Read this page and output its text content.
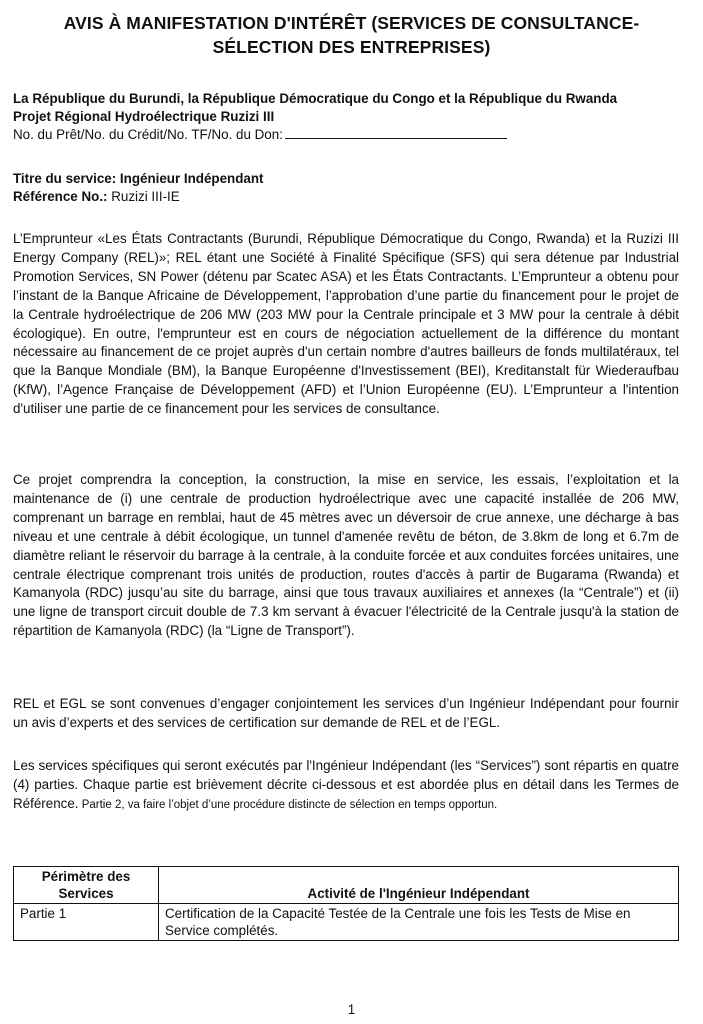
AVIS À MANIFESTATION D'INTÉRÊT (SERVICES DE CONSULTANCE-
SÉLECTION DES ENTREPRISES)
La République du Burundi, la République Démocratique du Congo et la République du Rwanda
Projet Régional Hydroélectrique Ruzizi III
No. du Prêt/No. du Crédit/No. TF/No. du Don:
Titre du service: Ingénieur Indépendant
Référence No.: Ruzizi III-IE
L’Emprunteur «Les États Contractants (Burundi, République Démocratique du Congo, Rwanda) et la Ruzizi III Energy Company (REL)»; REL étant une Société à Finalité Spécifique (SFS) qui sera détenue par Industrial Promotion Services, SN Power (détenu par Scatec ASA) et les États Contractants. L’Emprunteur a obtenu pour l’instant de la Banque Africaine de Développement, l’approbation d’une partie du financement pour le projet de la Centrale hydroélectrique de 206 MW (203 MW pour la Centrale principale et 3 MW pour la centrale à débit écologique). En outre, l'emprunteur est en cours de négociation actuellement de la différence du montant nécessaire au financement de ce projet auprès d'un certain nombre d'autres bailleurs de fonds multilatéraux, tel que la Banque Mondiale (BM), la Banque Européenne d'Investissement (BEI), Kreditanstalt für Wiederaufbau (KfW), l’Agence Française de Développement (AFD) et l’Union Européenne (EU). L’Emprunteur a l'intention d'utiliser une partie de ce financement pour les services de consultance.
Ce projet comprendra la conception, la construction, la mise en service, les essais, l’exploitation et la maintenance de (i) une centrale de production hydroélectrique avec une capacité installée de 206 MW, comprenant un barrage en remblai, haut de 45 mètres avec un déversoir de crue annexe, une décharge à bas niveau et une centrale à débit écologique, un tunnel d'amenée revêtu de béton, de 3.8km de long et 6.7m de diamètre reliant le réservoir du barrage à la centrale, à la conduite forcée et aux conduites forcées unitaires, une centrale électrique comprenant trois unités de production, routes d'accès à partir de Bugarama (Rwanda) et Kamanyola (RDC) jusqu’au site du barrage, ainsi que tous travaux auxiliaires et annexes (la “Centrale”) et (ii) une ligne de transport circuit double de 7.3 km servant à évacuer l'électricité de la Centrale jusqu'à la station de répartition de Kamanyola (RDC) (la “Ligne de Transport”).
REL et EGL se sont convenues d’engager conjointement les services d’un Ingénieur Indépendant pour fournir un avis d’experts et des services de certification sur demande de REL et de l’EGL.
Les services spécifiques qui seront exécutés par l'Ingénieur Indépendant (les “Services”) sont répartis en quatre (4) parties. Chaque partie est brièvement décrite ci-dessous et est abordée plus en détail dans les Termes de Référence. Partie 2, va faire l’objet d’une procédure distincte de sélection en temps opportun.
Périmètre des Services	Activité de l'Ingénieur Indépendant
Partie 1	Certification de la Capacité Testée de la Centrale une fois les Tests de Mise en Service complétés.
1
